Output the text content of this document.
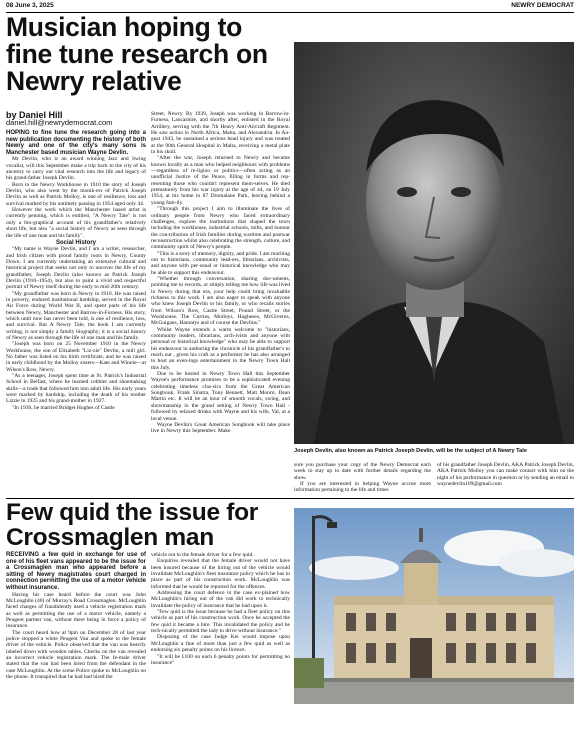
08 June 3, 2025	NEWRY DEMOCRAT
Musician hoping to fine tune research on Newry relative
by Daniel Hill
daniel.hill@newrydemocrat.com

HOPING to fine tune the research going into a new publication documenting the history of both Newry and one of the city's many sons is Manchester based musician Wayne Devlin.

Mr Devlin, who is an award winning Jazz and Swing vocalist, will this September make a trip back to the city of his ancestry to carry out vital research into the life and legacy of his grand-father Joseph Devlin.

Born in the Newry Workhouse in 1910 the story of Joseph Devlin, who also went by the monik-ers of Patrick Joseph Devlin as well as Patrick Molloy, is one of resilience, loss and survival marked by his untimely passing in 1954 aged only 44.

However the work which the Manchester based artist is currently penning, which is entitled, "A Newry Tale" is not only a bio-graphical account of his grandfather's relatively short life, but also "a social history of Newry as seen through the life of one man and his family".

Social History

"My name is Wayne Devlin, and I am a writer, researcher, and Irish citizen with proud family roots in Newry, County Down. I am currently undertaking an extensive cultural and historical project that seeks not only to uncover the life of my grandfather, Joseph Devlin (also known as Patrick Joseph Devlin (1910–1954), but also to paint a vivid and respectful portrait of Newry itself during the early to mid-20th century.

"My grandfather was born in Newry in 1910. He was raised in poverty, endured institutional hardship, served in the Royal Air Force during World War II, and spent parts of his life between Newry, Manchester and Barrow-in-Furness. His story, which until now has never been told, is one of resilience, loss, and survival. But A Newry Tale, the book I am currently writing, is not simply a family biography; it is a social history of Newry as seen through the life of one man and his family.

"Joseph was born on 25 November 1910 in the Newry Workhouse, the son of Elizabeth "Liz-zie" Devlin, a mill girl. No father was listed on his birth certificate, and he was raised in early childhood by the Molloy sisters—Kate and Winnie—at Wilson's Row, Newry.

"As a teenager, Joseph spent time at St. Patrick's Industrial School in Belfast, where he learned cobbler and shoemaking skills—a trade that followed him into adult life. His early years were marked by hardship, including the death of his mother Lizzie in 1925 and his grand-mother in 1927.

"In 1936, he married Bridget Hughes of Castle

Street, Newry. By 1939, Joseph was working in Barrow-in-Furness, Lancashire, and shortly after, enlisted in the Royal Artillery, serving with the 7th Heavy Anti-Aircraft Regiment. He saw action in North Africa, Malta, and Alexandria. In Au-gust 1943, he sustained a serious head injury and was treated at the 90th General Hospital in Malta, receiving a metal plate in his skull.

"After the war, Joseph returned to Newry and became known locally as a man who helped neighbours with problems—regardless of re-ligion or politics—often acting as an unofficial Justice of the Peace, filling in forms and rep-resenting those who couldn't represent them-selves. He died prematurely from his war injury at the age of 44, on 19 July 1954, at his home in 87 Dromalane Park, leaving behind a young fam-ily.

"Through this project I aim to illuminate the lives of ordinary people from Newry who faced extraordinary challenges, explore the institutions that shaped the town including the workhouse, industrial schools, mills, and honour the con-tribution of Irish families during wartime and postwar reconstruction whilst also celebrating the strength, culture, and community spirit of Newry's people.

"This is a story of memory, dignity, and pride. I am reaching out to historians, community lead-ers, librarians, archivists, and anyone with per-sonal or historical knowledge who may be able to support this endeavour.

"Whether through conversation, sharing doc-uments, pointing me to records, or simply telling me how life was lived in Newry during that era, your help could bring invaluable richness to this work. I am also eager to speak with anyone who knew Joseph Devlin or his family, or who recalls stories from Wilson's Row, Castle Street, Pound Street, or the Workhouse. The Curries, Molloys, Hugheses, McGiverns, McGuigans, Hanratys and of course the Devlins."

Whilst Wayne extends a warm welcome to "historians, community leaders, librarians, arch-ivists and anyone with personal or historical knowledge" who may be able to support his endeavour in authoring the chronicle of his grandfather's to reach out , given his craft as a performer he has also arranged to host an even-ings entertainment in the Newry Town Hall this July.

Due to be hosted in Newry Town Hall this September Wayne's performance promises to be a sophisticated evening celebrating timeless clas-sics from the Great American Songbook, Frank Sinatra, Tony Bennett, Matt Monro, Dean Martin etc. It will be an hour of smooth vocals, swing, and showmanship in the grand setting of Newry Town Hall - followed by relaxed drinks with Wayne and his wife, Val, at a local venue.

Wayne Devlin's Great American Songbook will take place live in Newry this September. Make

Joseph Devlin, also known as Patrick Joseph Devlin, will be the subject of A Newry Tale

sure you purchase your copy of the Newry Democrat each week to stay up to date with further details regarding the show.

If you are interested in helping Wayne accrue more information pertaining to the life and times

of his grandfather Joseph Devlin, AKA Patrick Joseph Devlin, AKA Patrick Molloy you can make contact with him on the night of his performance in question or by sending an email to waynedevlin109@gmail.com

Few quid the issue for Crossmaglen man

RECEIVING a few quid in exchange for use of one of his fleet vans appeared to be the issue for a Crossmaglen man who appeared before a sitting of Newry magistrates court charged in connection permitting the use of a motor vehicle without insurance.

Having his case heard before the court was John McLoughlin (40) of Murray's Road Crossmaglen. McLoughlin faced charges of fraudulently used a vehicle registration mark as well as permitting the use of a motor vehicle, namely a Peugeot partner van, without there being in force a policy of insurance.

The court heard how at 9pm on December 28 of last year police stopped a white Peugeot Van and spoke to the female driver of the vehicle. Police observed that the van was heavily labeled down with wooden tables. Checks on the van revealed an incorrect vehicle registration mark. The fe-male driver stated that the van had been hired from the defendant in the case McLoughlin. At the scene Police spoke to McLoughlin on the phone. It transpired that he had had hired the

vehicle out to the female driver for a few quid.

Enquiries revealed that the female driver would not have been insured because of the hiring out of the vehicle would invalidate McLoughlin's fleet insurance policy which he has in place as part of his construction work. McLoughlin was informed that he would be reported for the offences.

Addressing the court defence in the case ex-plained how McLoughlin's hiring out of the van did work to technically invalidate the policy of insurance that he had upon it.

"Few quid is the issue because he had a fleet policy on this vehicle as part of his construction work. Once he accepted the few quid it became a hire. This invalidated the policy and he tech-nically permitted the lady to drive without insurance."

Disposing of the case Judge Kei would impose upon McLoughlin a fine of more than just a few quid as well as endorsing six penalty points on his licence.

"It will be £100 on each 6 penalty points for permitting no insurance"
